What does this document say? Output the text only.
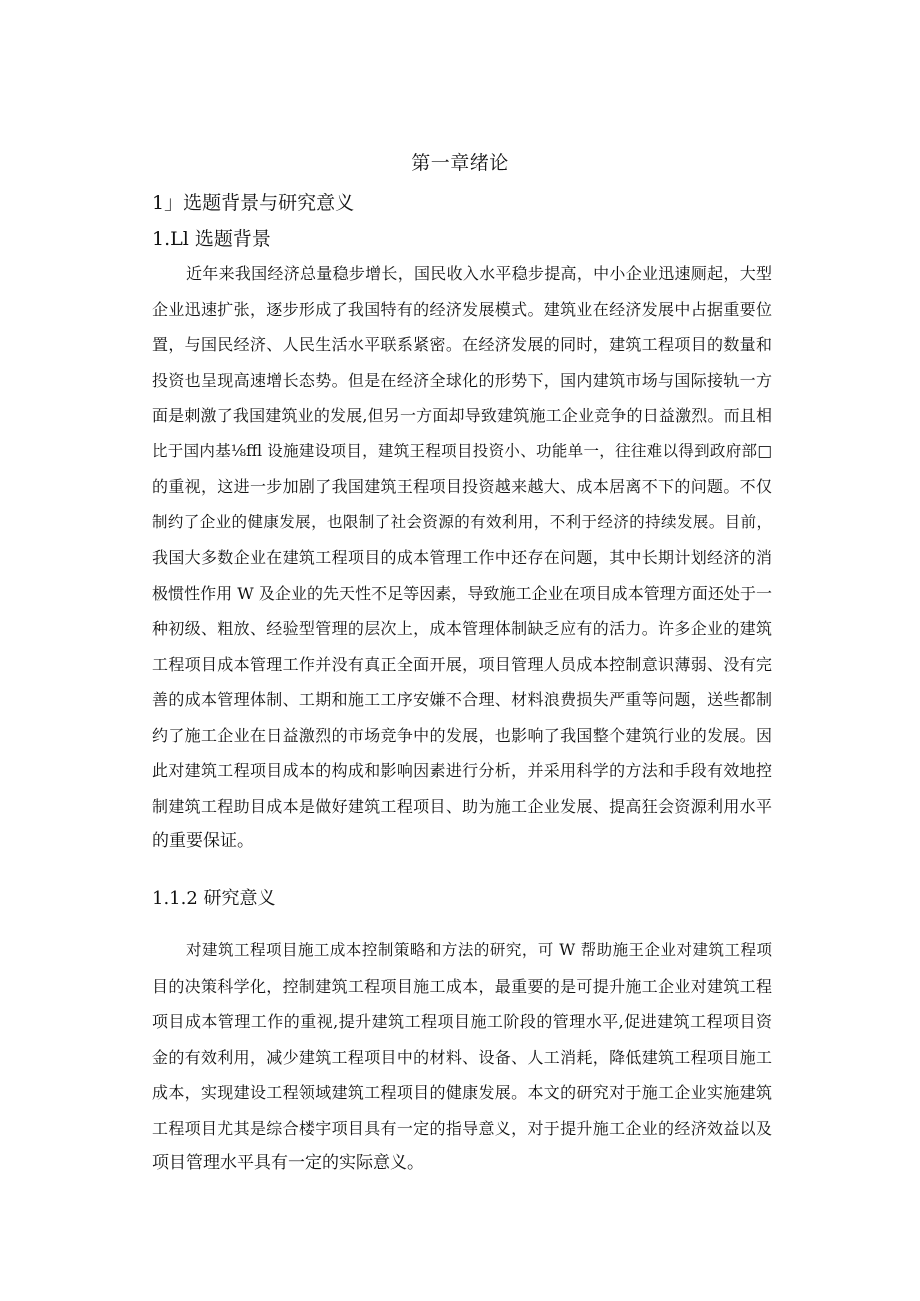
第一章绪论
1」选题背景与研究意义
1.Ll 选题背景
近年来我国经济总量稳步增长，国民收入水平稳步提高，中小企业迅速厕起，大型
企业迅速扩张，逐步形成了我国特有的经济发展模式。建筑业在经济发展中占据重要位
置，与国民经济、人民生活水平联系紧密。在经济发展的同时，建筑工程项目的数量和
投资也呈现高速增长态势。但是在经济全球化的形势下，国内建筑市场与国际接轨一方
面是刺激了我国建筑业的发展,但另一方面却导致建筑施工企业竞争的日益激烈。而且相
比于国内基⅛ffl 设施建设项目，建筑王程项目投资小、功能单一，往往难以得到政府部□
的重视，这进一步加剧了我国建筑王程项目投资越来越大、成本居离不下的问题。不仅
制约了企业的健康发展，也限制了社会资源的有效利用，不利于经济的持续发展。目前，
我国大多数企业在建筑工程项目的成本管理工作中还存在问题，其中长期计划经济的消
极惯性作用 W 及企业的先天性不足等因素，导致施工企业在项目成本管理方面还处于一
种初级、粗放、经验型管理的层次上，成本管理体制缺乏应有的活力。许多企业的建筑
工程项目成本管理工作并没有真正全面开展，项目管理人员成本控制意识薄弱、没有完
善的成本管理体制、工期和施工工序安嫌不合理、材料浪费损失严重等问题，送些都制
约了施工企业在日益激烈的市场竞争中的发展，也影响了我国整个建筑行业的发展。因
此对建筑工程项目成本的构成和影响因素进行分析，并采用科学的方法和手段有效地控
制建筑工程助目成本是做好建筑工程项目、助为施工企业发展、提高狂会资源利用水平
的重要保证。
1.1.2 研究意义
对建筑工程项目施工成本控制策略和方法的研究，可 W 帮助施王企业对建筑工程项
目的决策科学化，控制建筑工程项目施工成本，最重要的是可提升施工企业对建筑工程
项目成本管理工作的重视,提升建筑工程项目施工阶段的管理水平,促进建筑工程项目资
金的有效利用，减少建筑工程项目中的材料、设备、人工消耗，降低建筑工程项目施工
成本，实现建设工程领域建筑工程项目的健康发展。本文的研究对于施工企业实施建筑
工程项目尤其是综合楼宇项目具有一定的指导意义，对于提升施工企业的经济效益以及
项目管理水平具有一定的实际意义。
